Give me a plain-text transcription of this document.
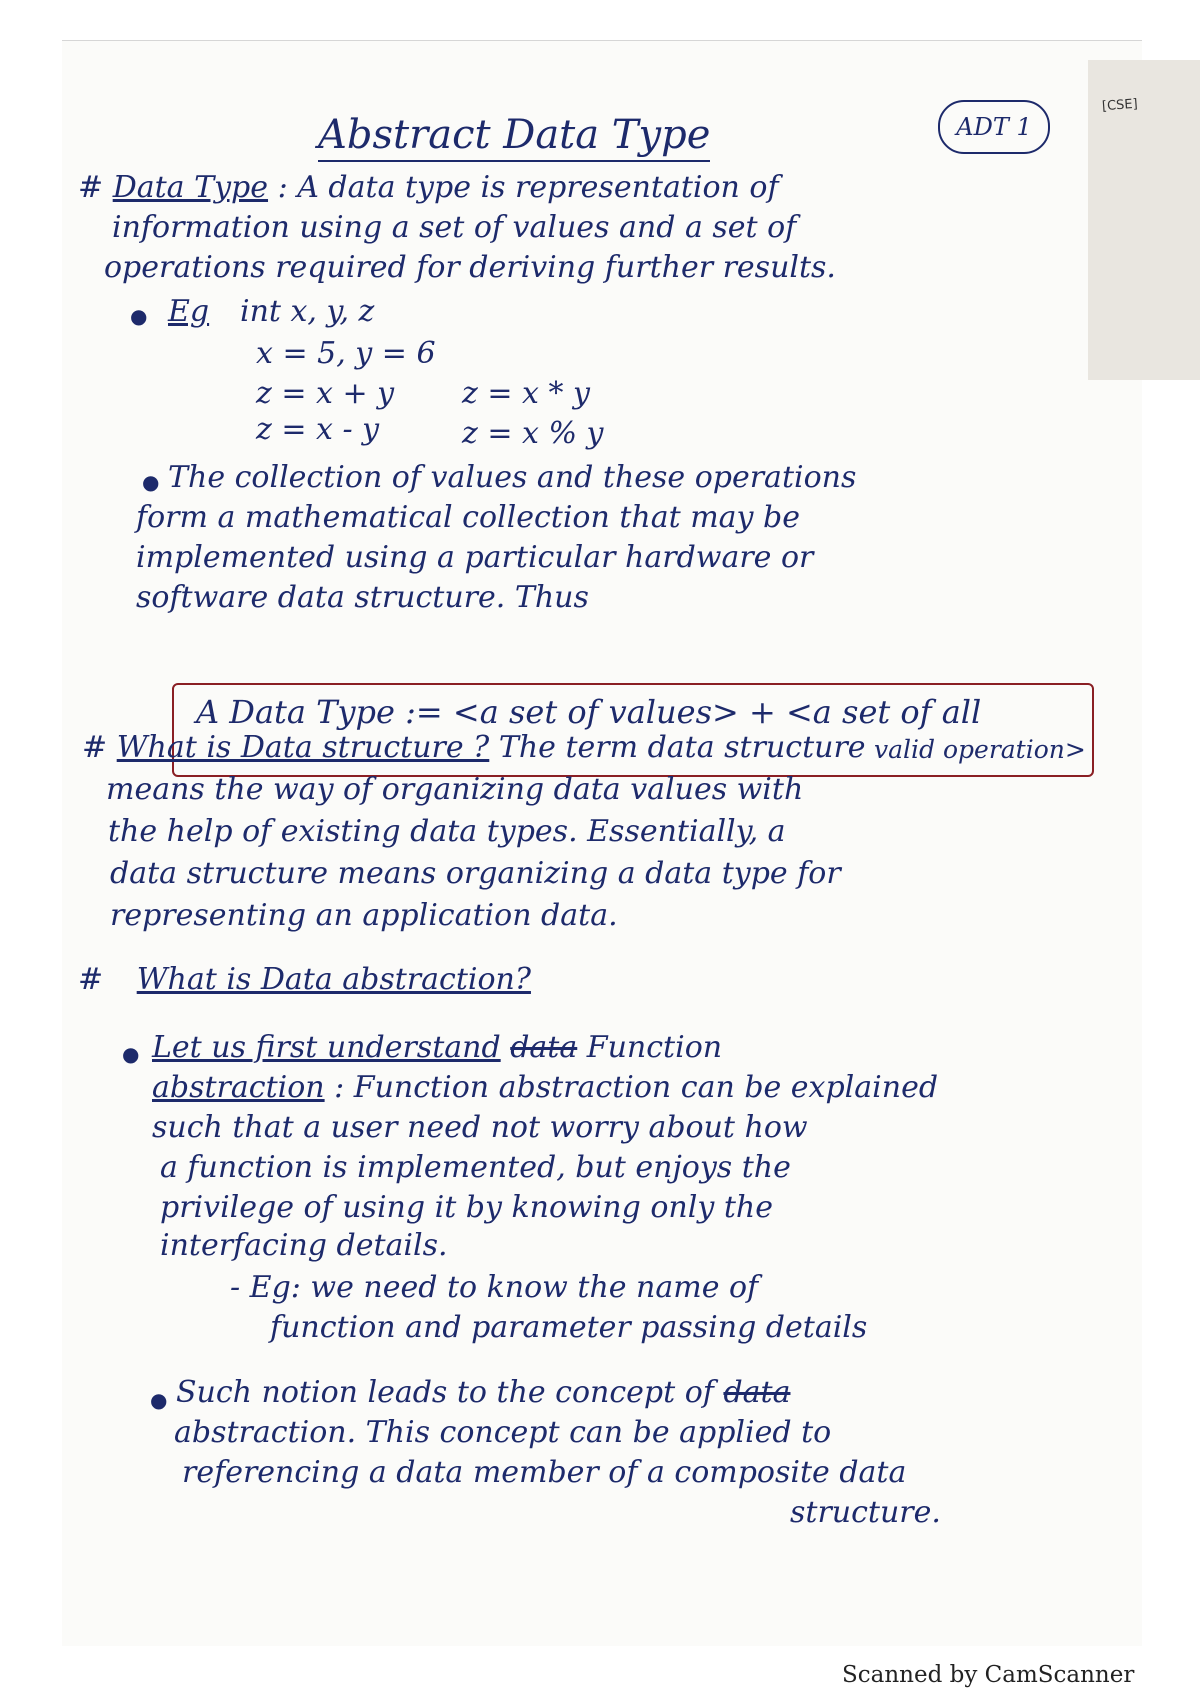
[CSE]
Abstract Data Type	ADT 1
# Data Type : A data type is representation of
information using a set of values and a set of
operations required for deriving further results.
● Eg int x, y, z
x = 5, y = 6
z = x + y z = x * y
z = x - y	z = x % y
● The collection of values and these operations
form a mathematical collection that may be
implemented using a particular hardware or
software data structure. Thus
A Data Type := <a set of values> + <a set of all
valid operation>
# What is Data structure ? The term data structure
means the way of organizing data values with
the help of existing data types. Essentially, a
data structure means organizing a data type for
representing an application data.
# What is Data abstraction?
● Let us first understand data Function
abstraction : Function abstraction can be explained
such that a user need not worry about how
a function is implemented, but enjoys the
privilege of using it by knowing only the
interfacing details.
- Eg: we need to know the name of
function and parameter passing details
● Such notion leads to the concept of data
abstraction. This concept can be applied to
referencing a data member of a composite data
structure.
Scanned by CamScanner
